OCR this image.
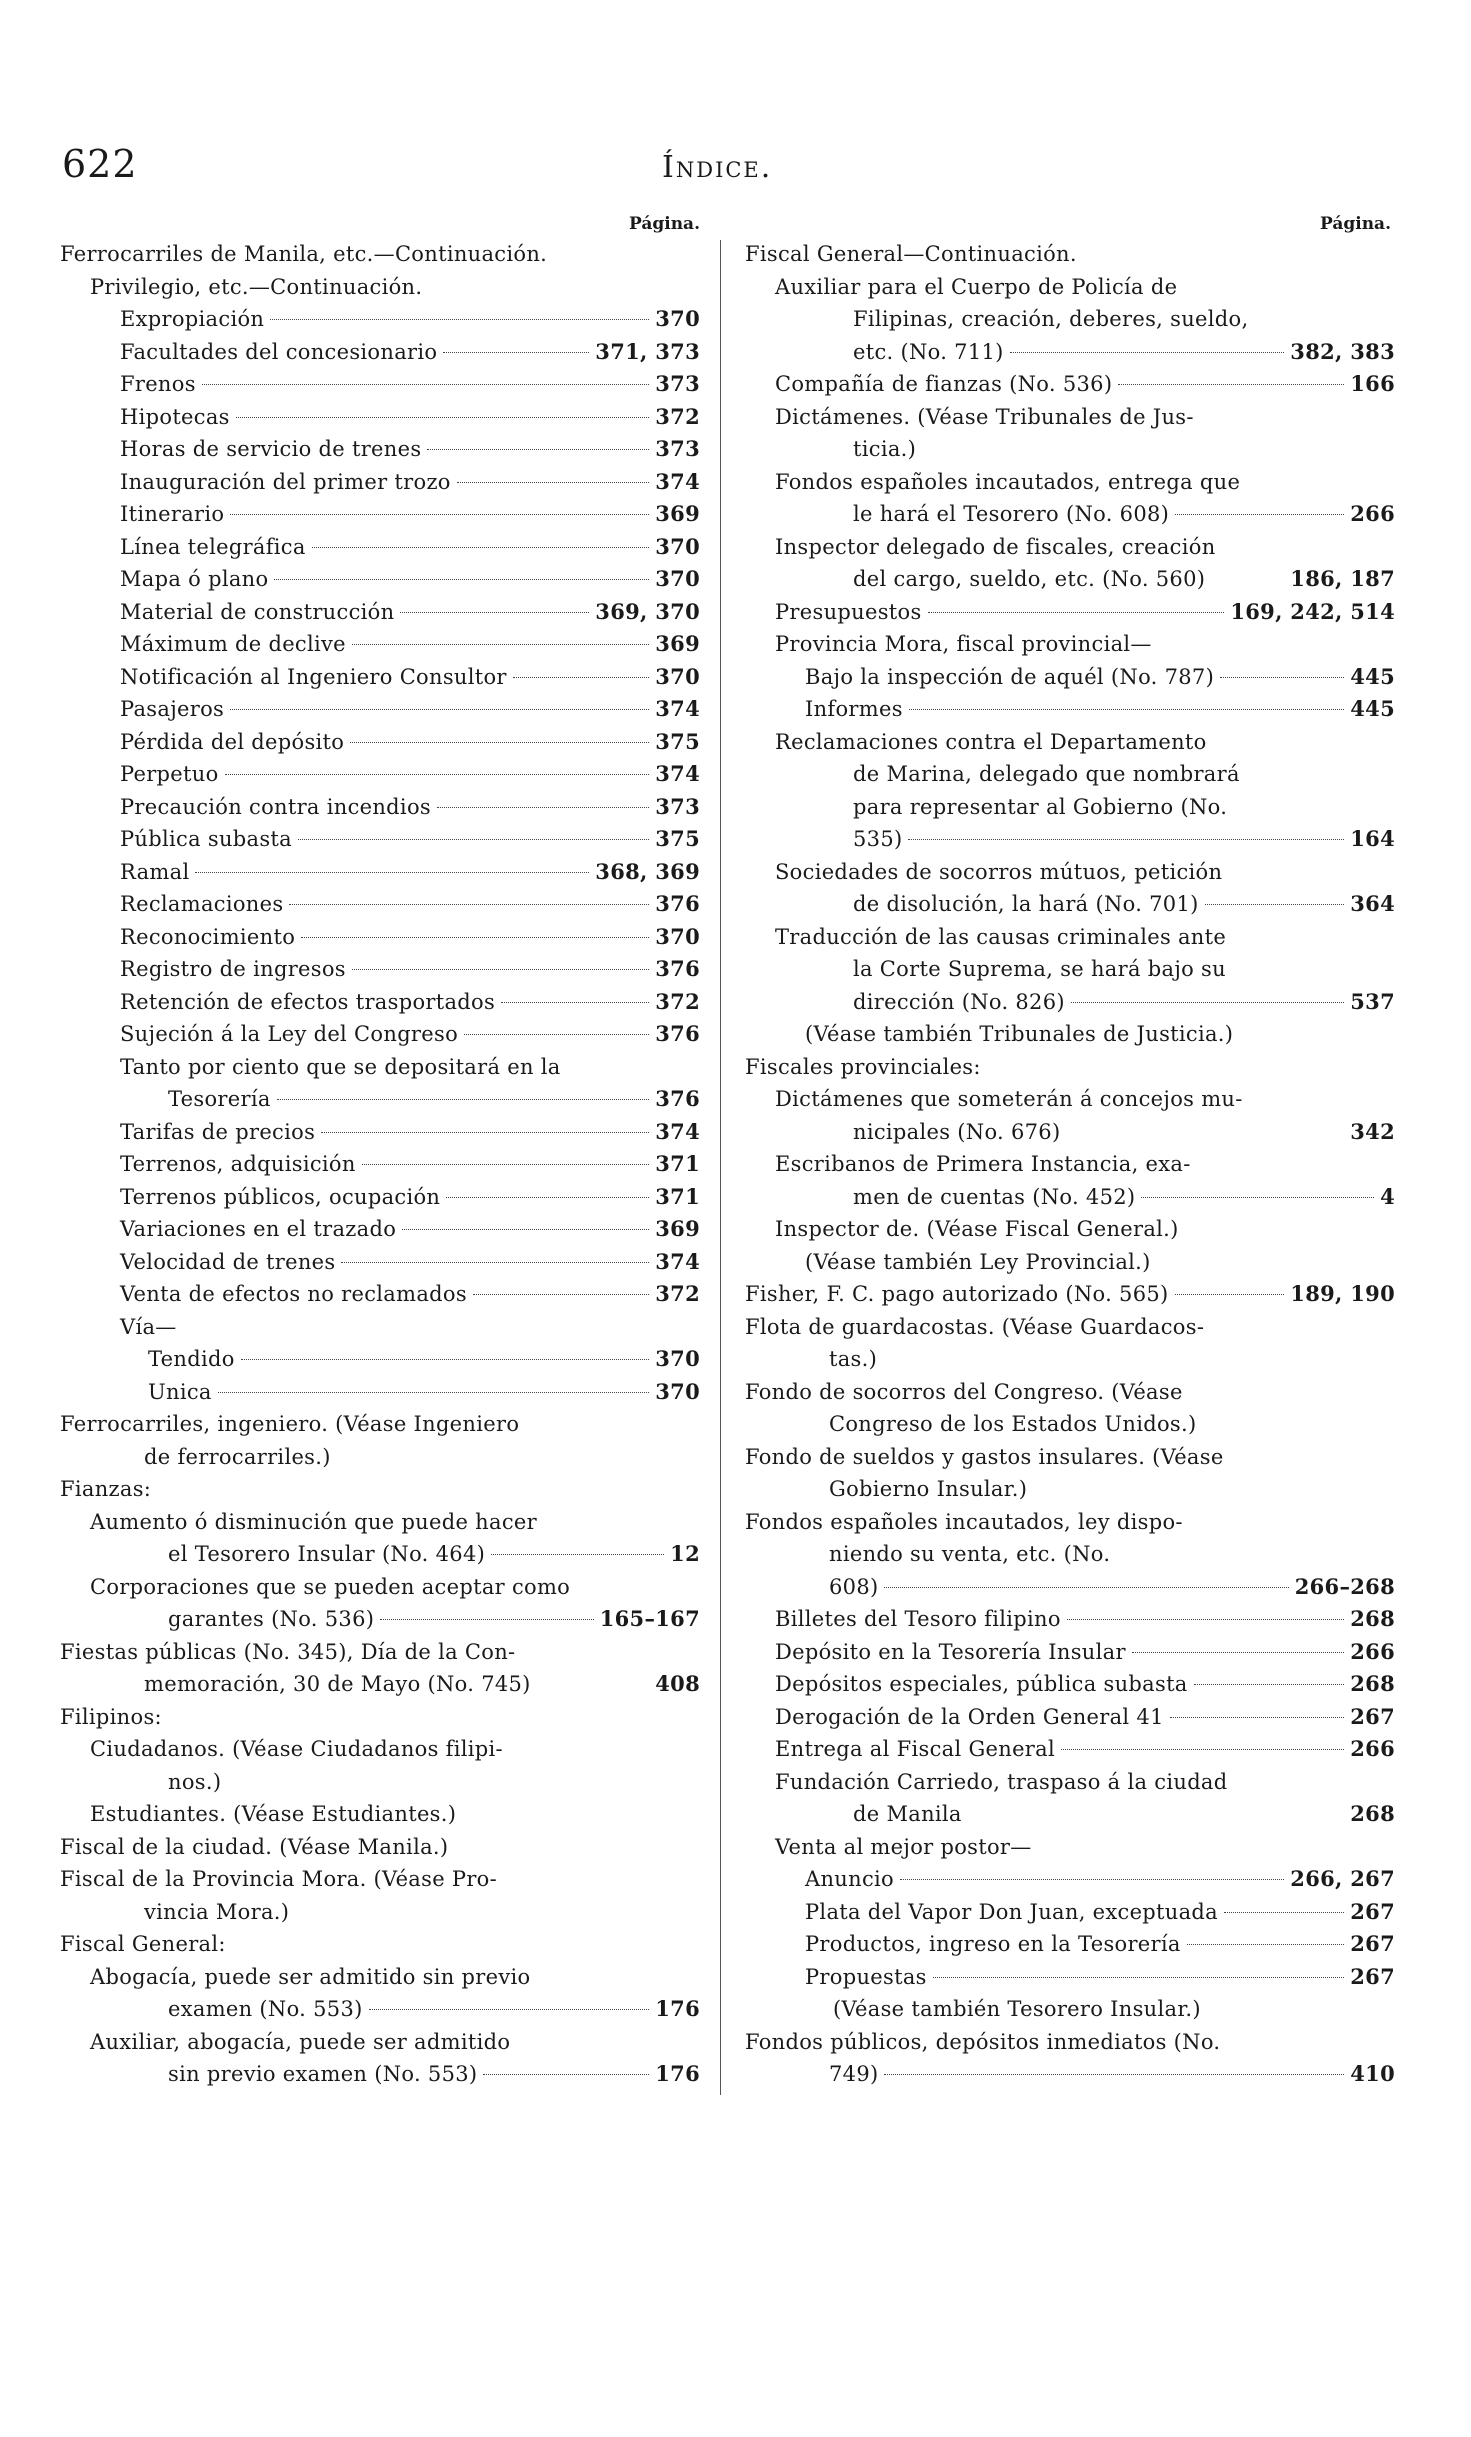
622	Índice.
Página.
Ferrocarriles de Manila, etc.—Continuación.
Privilegio, etc.—Continuación.
Expropiación	370
Facultades del concesionario	371, 373
Frenos	373
Hipotecas	372
Horas de servicio de trenes	373
Inauguración del primer trozo	374
Itinerario	369
Línea telegráfica	370
Mapa ó plano	370
Material de construcción	369, 370
Máximum de declive	369
Notificación al Ingeniero Consultor	370
Pasajeros	374
Pérdida del depósito	375
Perpetuo	374
Precaución contra incendios	373
Pública subasta	375
Ramal	368, 369
Reclamaciones	376
Reconocimiento	370
Registro de ingresos	376
Retención de efectos trasportados	372
Sujeción á la Ley del Congreso	376
Tanto por ciento que se depositará en la
Tesorería	376
Tarifas de precios	374
Terrenos, adquisición	371
Terrenos públicos, ocupación	371
Variaciones en el trazado	369
Velocidad de trenes	374
Venta de efectos no reclamados	372
Vía—
Tendido	370
Unica	370
Ferrocarriles, ingeniero. (Véase Ingeniero
de ferrocarriles.)
Fianzas:
Aumento ó disminución que puede hacer
el Tesorero Insular (No. 464)	12
Corporaciones que se pueden aceptar como
garantes (No. 536)	165–167
Fiestas públicas (No. 345), Día de la Con-
memoración, 30 de Mayo (No. 745)	408
Filipinos:
Ciudadanos. (Véase Ciudadanos filipi-
nos.)
Estudiantes. (Véase Estudiantes.)
Fiscal de la ciudad. (Véase Manila.)
Fiscal de la Provincia Mora. (Véase Pro-
vincia Mora.)
Fiscal General:
Abogacía, puede ser admitido sin previo
examen (No. 553)	176
Auxiliar, abogacía, puede ser admitido
sin previo examen (No. 553)	176
Página.
Fiscal General—Continuación.
Auxiliar para el Cuerpo de Policía de
Filipinas, creación, deberes, sueldo,
etc. (No. 711)	382, 383
Compañía de fianzas (No. 536)	166
Dictámenes. (Véase Tribunales de Jus-
ticia.)
Fondos españoles incautados, entrega que
le hará el Tesorero (No. 608)	266
Inspector delegado de fiscales, creación
del cargo, sueldo, etc. (No. 560)	186, 187
Presupuestos	169, 242, 514
Provincia Mora, fiscal provincial—
Bajo la inspección de aquél (No. 787)	445
Informes	445
Reclamaciones contra el Departamento
de Marina, delegado que nombrará
para representar al Gobierno (No.
535)	164
Sociedades de socorros mútuos, petición
de disolución, la hará (No. 701)	364
Traducción de las causas criminales ante
la Corte Suprema, se hará bajo su
dirección (No. 826)	537
(Véase también Tribunales de Justicia.)
Fiscales provinciales:
Dictámenes que someterán á concejos mu-
nicipales (No. 676)	342
Escribanos de Primera Instancia, exa-
men de cuentas (No. 452)	4
Inspector de. (Véase Fiscal General.)
(Véase también Ley Provincial.)
Fisher, F. C. pago autorizado (No. 565)	189, 190
Flota de guardacostas. (Véase Guardacos-
tas.)
Fondo de socorros del Congreso. (Véase
Congreso de los Estados Unidos.)
Fondo de sueldos y gastos insulares. (Véase
Gobierno Insular.)
Fondos españoles incautados, ley dispo-
niendo su venta, etc. (No.
608)	266–268
Billetes del Tesoro filipino	268
Depósito en la Tesorería Insular	266
Depósitos especiales, pública subasta	268
Derogación de la Orden General 41	267
Entrega al Fiscal General	266
Fundación Carriedo, traspaso á la ciudad
de Manila	268
Venta al mejor postor—
Anuncio	266, 267
Plata del Vapor Don Juan, exceptuada	267
Productos, ingreso en la Tesorería	267
Propuestas	267
(Véase también Tesorero Insular.)
Fondos públicos, depósitos inmediatos (No.
749)	410
